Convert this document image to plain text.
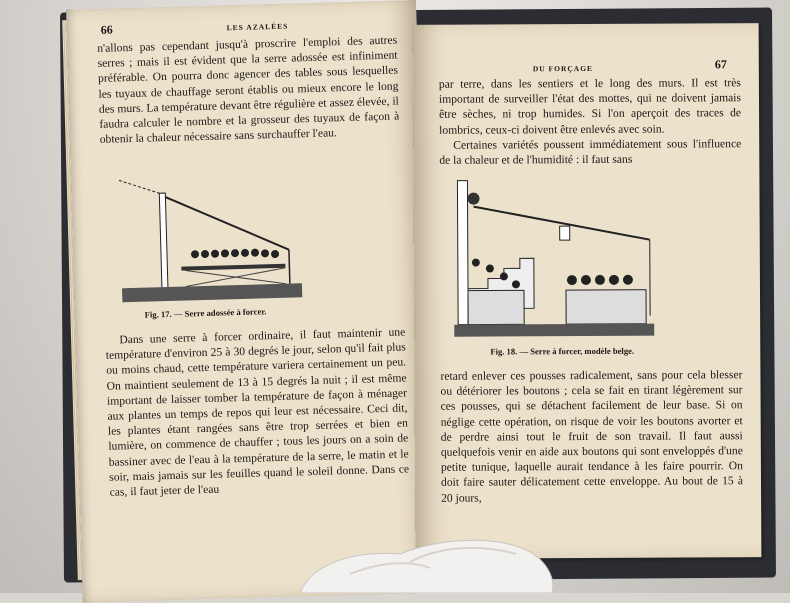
66	LES AZALÉES

n'allons pas cependant jusqu'à proscrire l'emploi des autres serres ; mais il est évident que la serre adossée est infiniment préférable. On pourra donc agencer des tables sous lesquelles les tuyaux de chauffage seront établis ou mieux encore le long des murs. La température devant être régulière et assez élevée, il faudra calculer le nombre et la grosseur des tuyaux de façon à obtenir la chaleur nécessaire sans surchauffer l'eau.

Fig. 17. — Serre adossée à forcer.

Dans une serre à forcer ordinaire, il faut maintenir une température d'environ 25 à 30 degrés le jour, selon qu'il fait plus ou moins chaud, cette température variera certainement un peu. On maintient seulement de 13 à 15 degrés la nuit ; il est même important de laisser tomber la température de façon à ménager aux plantes un temps de repos qui leur est nécessaire. Ceci dit, les plantes étant rangées sans être trop serrées et bien en lumière, on commence de chauffer ; tous les jours on a soin de bassiner avec de l'eau à la température de la serre, le matin et le soir, mais jamais sur les feuilles quand le soleil donne. Dans ce cas, il faut jeter de l'eau

DU FORÇAGE	67

par terre, dans les sentiers et le long des murs. Il est très important de surveiller l'état des mottes, qui ne doivent jamais être sèches, ni trop humides. Si l'on aperçoit des traces de lombrics, ceux-ci doivent être enlevés avec soin.

Certaines variétés poussent immédiatement sous l'influence de la chaleur et de l'humidité : il faut sans

Fig. 18. — Serre à forcer, modèle belge.

retard enlever ces pousses radicalement, sans pour cela blesser ou détériorer les boutons ; cela se fait en tirant légèrement sur ces pousses, qui se détachent facilement de leur base. Si on néglige cette opération, on risque de voir les boutons avorter et de perdre ainsi tout le fruit de son travail. Il faut aussi quelquefois venir en aide aux boutons qui sont enveloppés d'une petite tunique, laquelle aurait tendance à les faire pourrir. On doit faire sauter délicatement cette enveloppe. Au bout de 15 à 20 jours,
